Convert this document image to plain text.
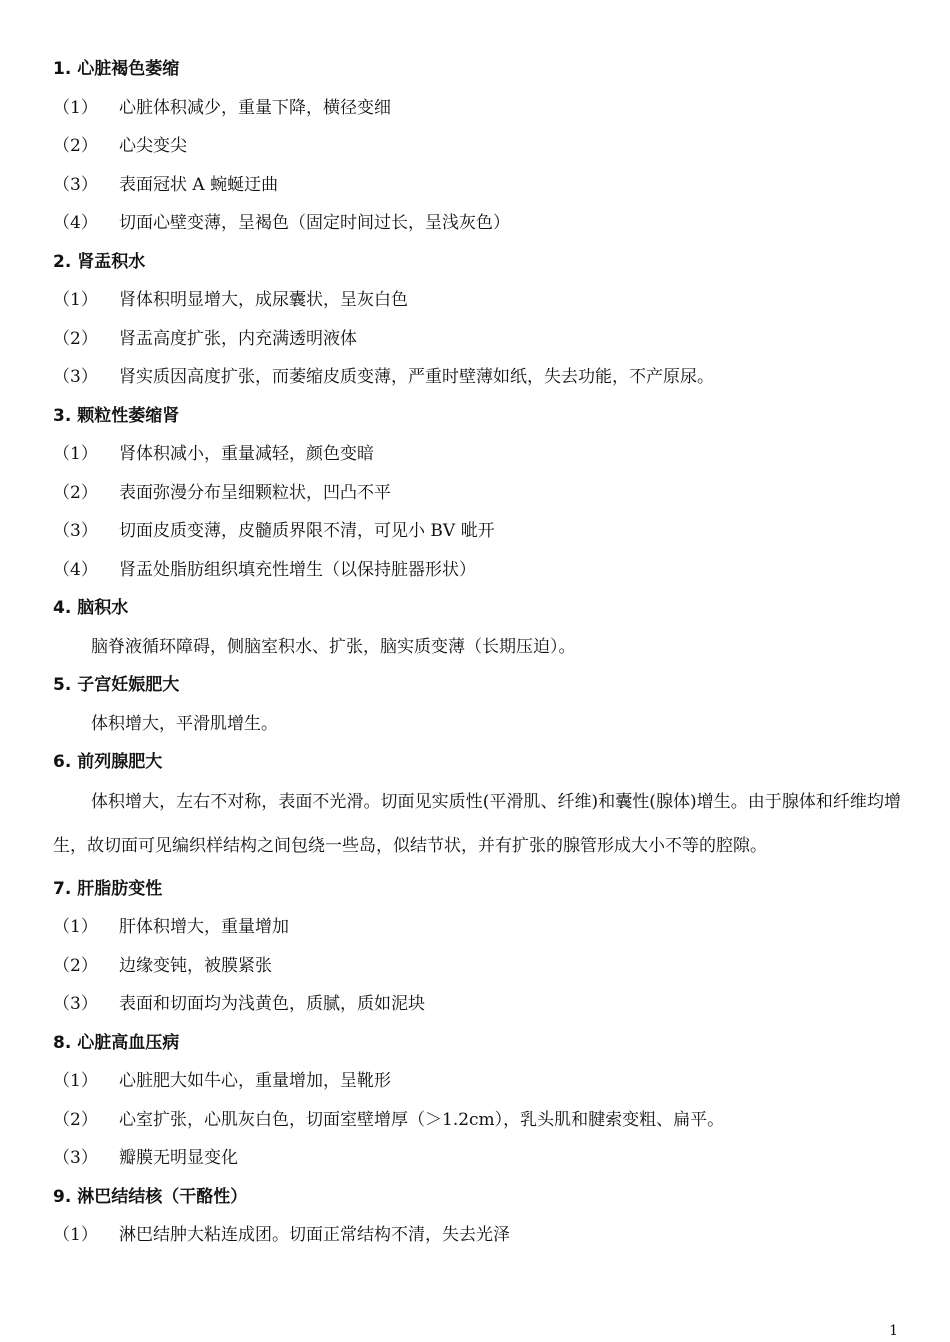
1. 心脏褐色萎缩
（1）	心脏体积减少，重量下降，横径变细
（2）	心尖变尖
（3）	表面冠状 A 蜿蜒迂曲
（4）	切面心壁变薄，呈褐色（固定时间过长，呈浅灰色）
2. 肾盂积水
（1）	肾体积明显增大，成尿囊状，呈灰白色
（2）	肾盂高度扩张，内充满透明液体
（3）	肾实质因高度扩张，而萎缩皮质变薄，严重时壁薄如纸，失去功能，不产原尿。
3. 颗粒性萎缩肾
（1）	肾体积减小，重量减轻，颜色变暗
（2）	表面弥漫分布呈细颗粒状，凹凸不平
（3）	切面皮质变薄，皮髓质界限不清，可见小 BV 呲开
（4）	肾盂处脂肪组织填充性增生（以保持脏器形状）
4. 脑积水

脑脊液循环障碍，侧脑室积水、扩张，脑实质变薄（长期压迫）。

5. 子宫妊娠肥大

体积增大，平滑肌增生。

6. 前列腺肥大

体积增大，左右不对称，表面不光滑。切面见实质性(平滑肌、纤维)和囊性(腺体)增生。由于腺体和纤维均增生，故切面可见编织样结构之间包绕一些岛，似结节状，并有扩张的腺管形成大小不等的腔隙。

7. 肝脂肪变性
（1）	肝体积增大，重量增加
（2）	边缘变钝，被膜紧张
（3）	表面和切面均为浅黄色，质腻，质如泥块
8. 心脏高血压病
（1）	心脏肥大如牛心，重量增加，呈靴形
（2）	心室扩张，心肌灰白色，切面室壁增厚（＞1.2cm），乳头肌和腱索变粗、扁平。
（3）	瓣膜无明显变化
9. 淋巴结结核（干酪性）
（1）	淋巴结肿大粘连成团。切面正常结构不清，失去光泽
1
